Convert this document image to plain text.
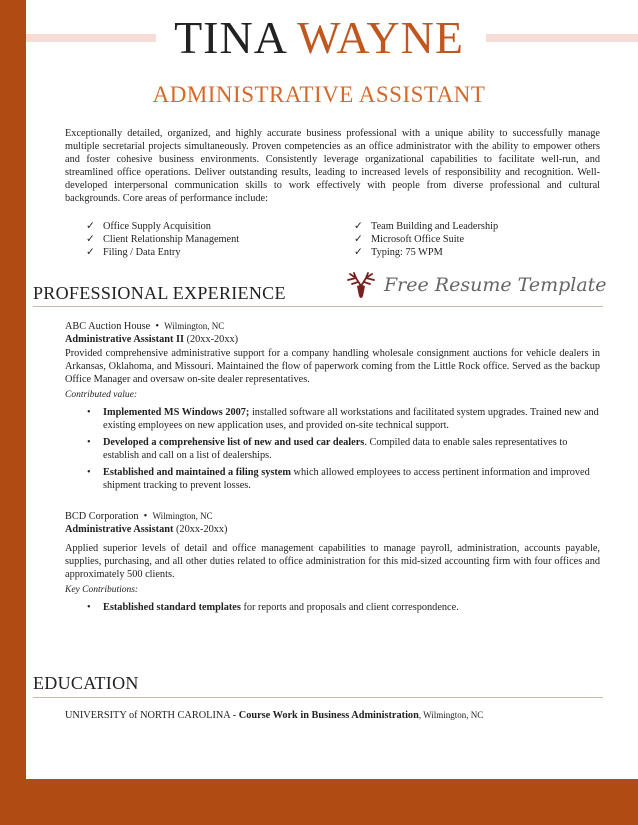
TINA WAYNE
ADMINISTRATIVE ASSISTANT
Exceptionally detailed, organized, and highly accurate business professional with a unique ability to successfully manage multiple secretarial projects simultaneously. Proven competencies as an office administrator with the ability to empower others and foster cohesive business environments. Consistently leverage organizational capabilities to facilitate well-run, and streamlined office operations. Deliver outstanding results, leading to increased levels of responsibility and recognition. Well-developed interpersonal communication skills to work effectively with people from diverse professional and cultural backgrounds. Core areas of performance include:
✓ Office Supply Acquisition
✓ Client Relationship Management
✓ Filing / Data Entry
✓ Team Building and Leadership
✓ Microsoft Office Suite
✓ Typing: 75 WPM
PROFESSIONAL EXPERIENCE	Free Resume Template
ABC Auction House • Wilmington, NC
Administrative Assistant II (20xx-20xx)
Provided comprehensive administrative support for a company handling wholesale consignment auctions for vehicle dealers in Arkansas, Oklahoma, and Missouri. Maintained the flow of paperwork coming from the Little Rock office. Served as the backup Office Manager and oversaw on-site dealer representatives.
Contributed value:
• Implemented MS Windows 2007; installed software all workstations and facilitated system upgrades. Trained new and existing employees on new application uses, and provided on-site technical support.
• Developed a comprehensive list of new and used car dealers. Compiled data to enable sales representatives to establish and call on a list of dealerships.
• Established and maintained a filing system which allowed employees to access pertinent information and improved shipment tracking to prevent losses.
BCD Corporation • Wilmington, NC
Administrative Assistant (20xx-20xx)
Applied superior levels of detail and office management capabilities to manage payroll, administration, accounts payable, supplies, purchasing, and all other duties related to office administration for this mid-sized accounting firm with four offices and approximately 500 clients.
Key Contributions:
• Established standard templates for reports and proposals and client correspondence.
EDUCATION
UNIVERSITY of NORTH CAROLINA - Course Work in Business Administration, Wilmington, NC
